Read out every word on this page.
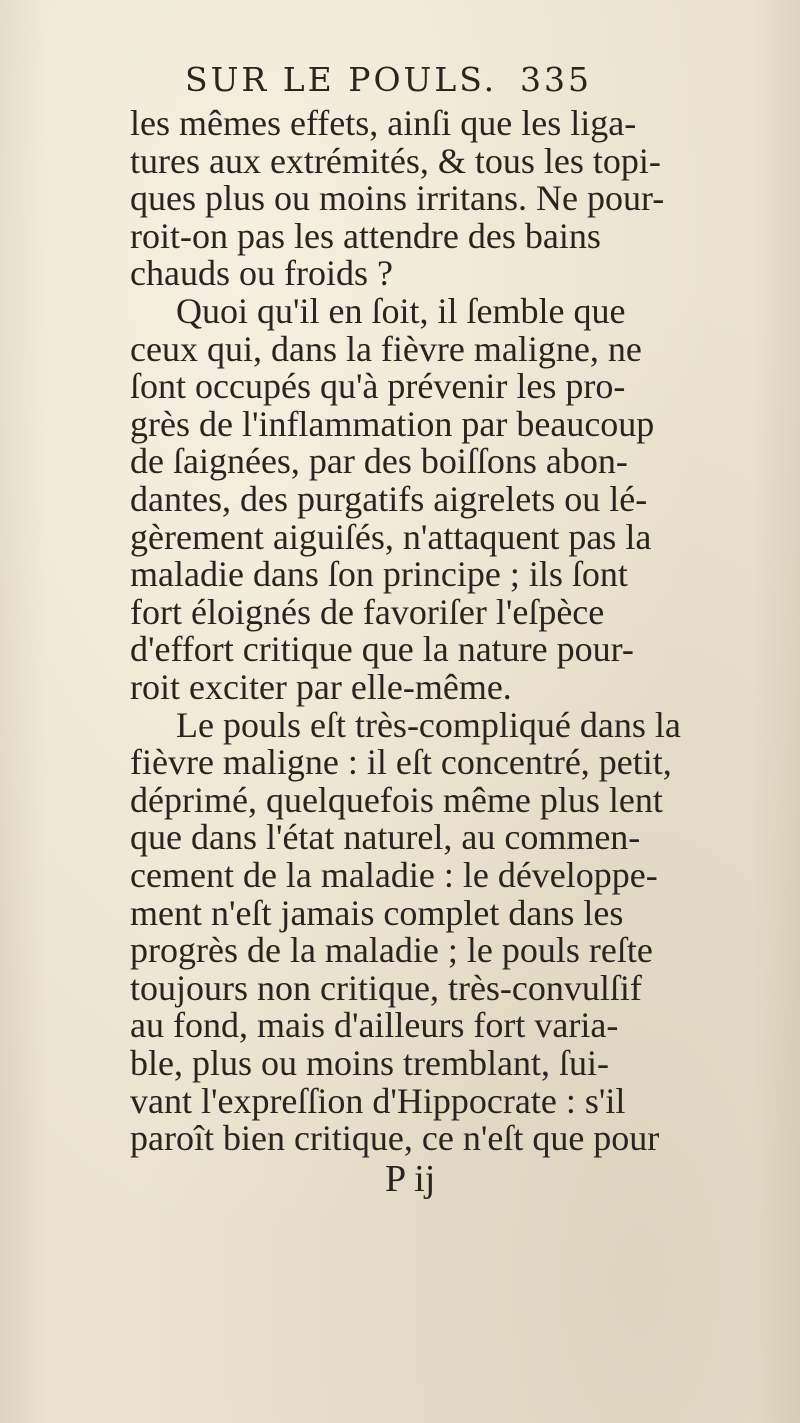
SUR LE POULS. 335
les mêmes effets, ainſi que les liga-
tures aux extrémités, & tous les topi-
ques plus ou moins irritans. Ne pour-
roit-on pas les attendre des bains
chauds ou froids ?
Quoi qu'il en ſoit, il ſemble que
ceux qui, dans la fièvre maligne, ne
ſont occupés qu'à prévenir les pro-
grès de l'inflammation par beaucoup
de ſaignées, par des boiſſons abon-
dantes, des purgatifs aigrelets ou lé-
gèrement aiguiſés, n'attaquent pas la
maladie dans ſon principe ; ils ſont
fort éloignés de favoriſer l'eſpèce
d'effort critique que la nature pour-
roit exciter par elle-même.
Le pouls eſt très-compliqué dans la
fièvre maligne : il eſt concentré, petit,
déprimé, quelquefois même plus lent
que dans l'état naturel, au commen-
cement de la maladie : le développe-
ment n'eſt jamais complet dans les
progrès de la maladie ; le pouls reſte
toujours non critique, très-convulſif
au fond, mais d'ailleurs fort varia-
ble, plus ou moins tremblant, ſui-
vant l'expreſſion d'Hippocrate : s'il
paroît bien critique, ce n'eſt que pour
P ij
